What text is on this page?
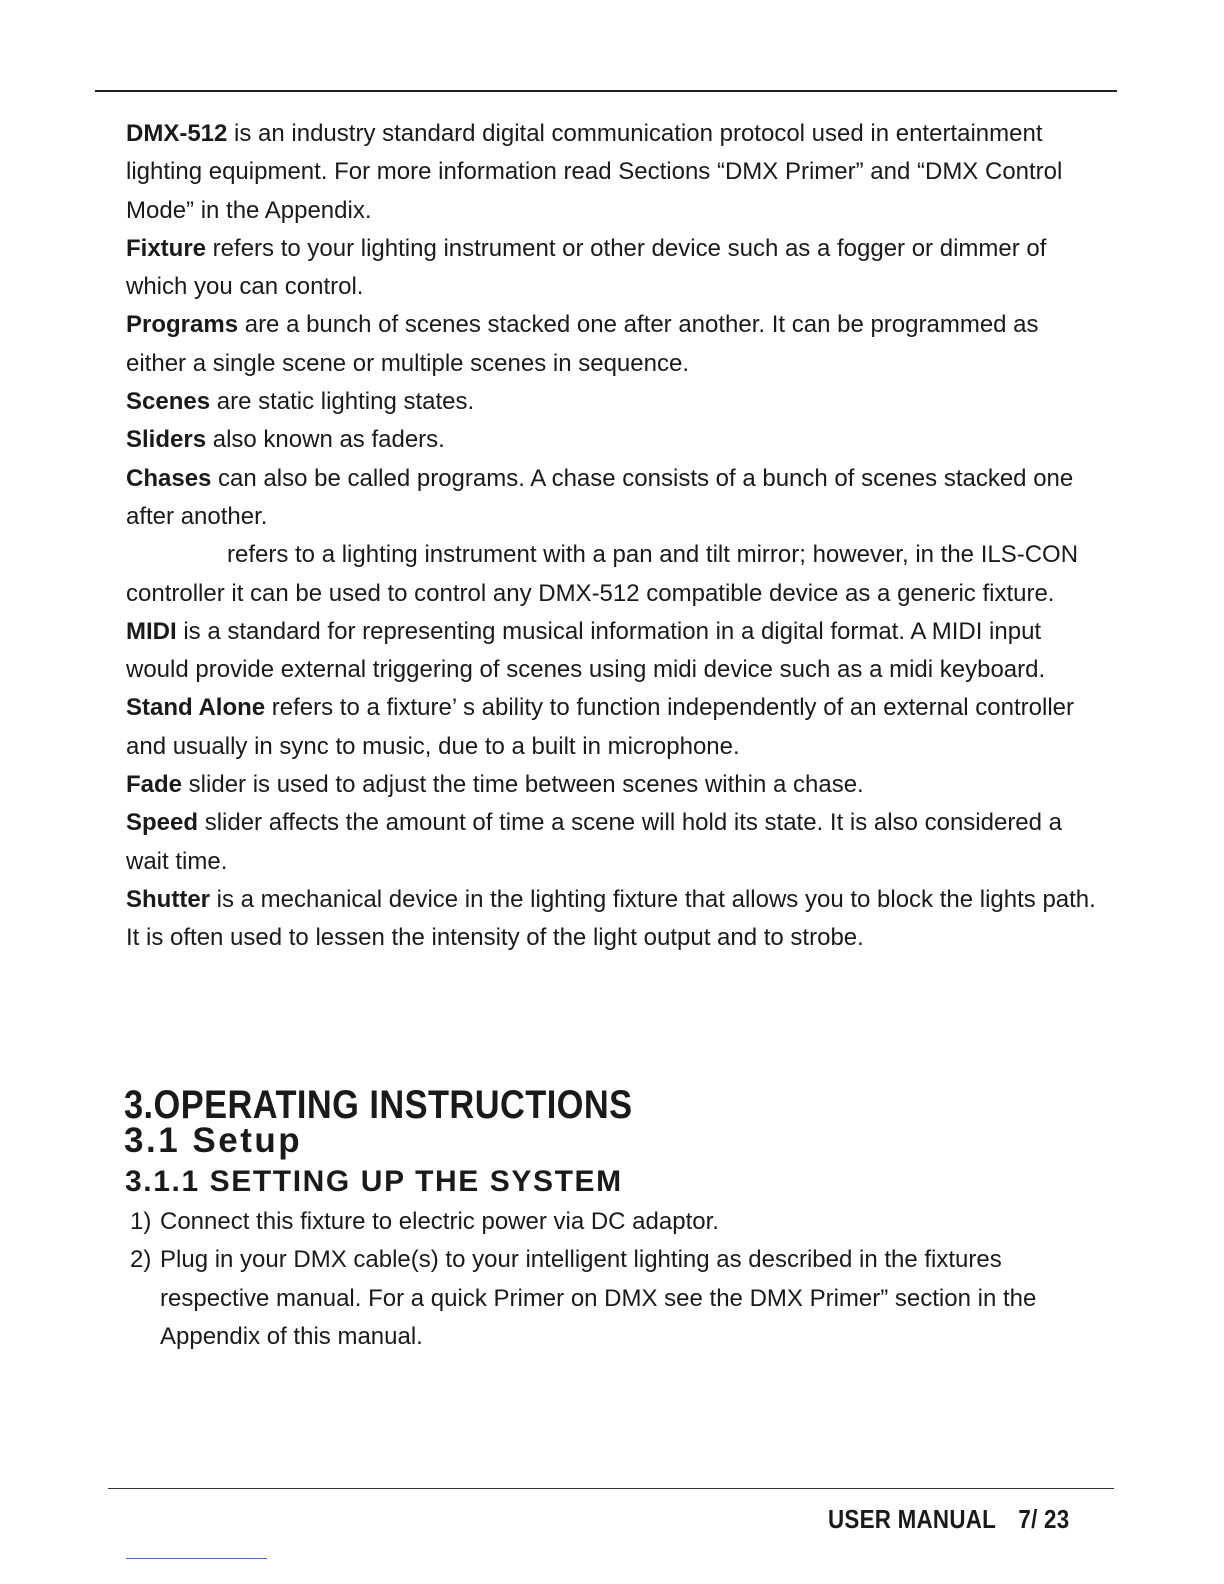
DMX-512 is an industry standard digital communication protocol used in entertainment lighting equipment. For more information read Sections “DMX Primer” and “DMX Control Mode” in the Appendix.

Fixture refers to your lighting instrument or other device such as a fogger or dimmer of which you can control.

Programs are a bunch of scenes stacked one after another. It can be programmed as either a single scene or multiple scenes in sequence.

Scenes are static lighting states.

Sliders also known as faders.

Chases can also be called programs. A chase consists of a bunch of scenes stacked one after another.

refers to a lighting instrument with a pan and tilt mirror; however, in the ILS-CON controller it can be used to control any DMX-512 compatible device as a generic fixture.

MIDI is a standard for representing musical information in a digital format. A MIDI input would provide external triggering of scenes using midi device such as a midi keyboard.

Stand Alone refers to a fixture’ s ability to function independently of an external controller and usually in sync to music, due to a built in microphone.

Fade slider is used to adjust the time between scenes within a chase.

Speed slider affects the amount of time a scene will hold its state. It is also considered a wait time.

Shutter is a mechanical device in the lighting fixture that allows you to block the lights path. It is often used to lessen the intensity of the light output and to strobe.

3.OPERATING INSTRUCTIONS
3.1 Setup
3.1.1 SETTING UP THE SYSTEM
1) Connect this fixture to electric power via DC adaptor.
2) Plug in your DMX cable(s) to your intelligent lighting as described in the fixtures respective manual. For a quick Primer on DMX see the DMX Primer” section in the Appendix of this manual.
USER MANUAL 7/ 23
